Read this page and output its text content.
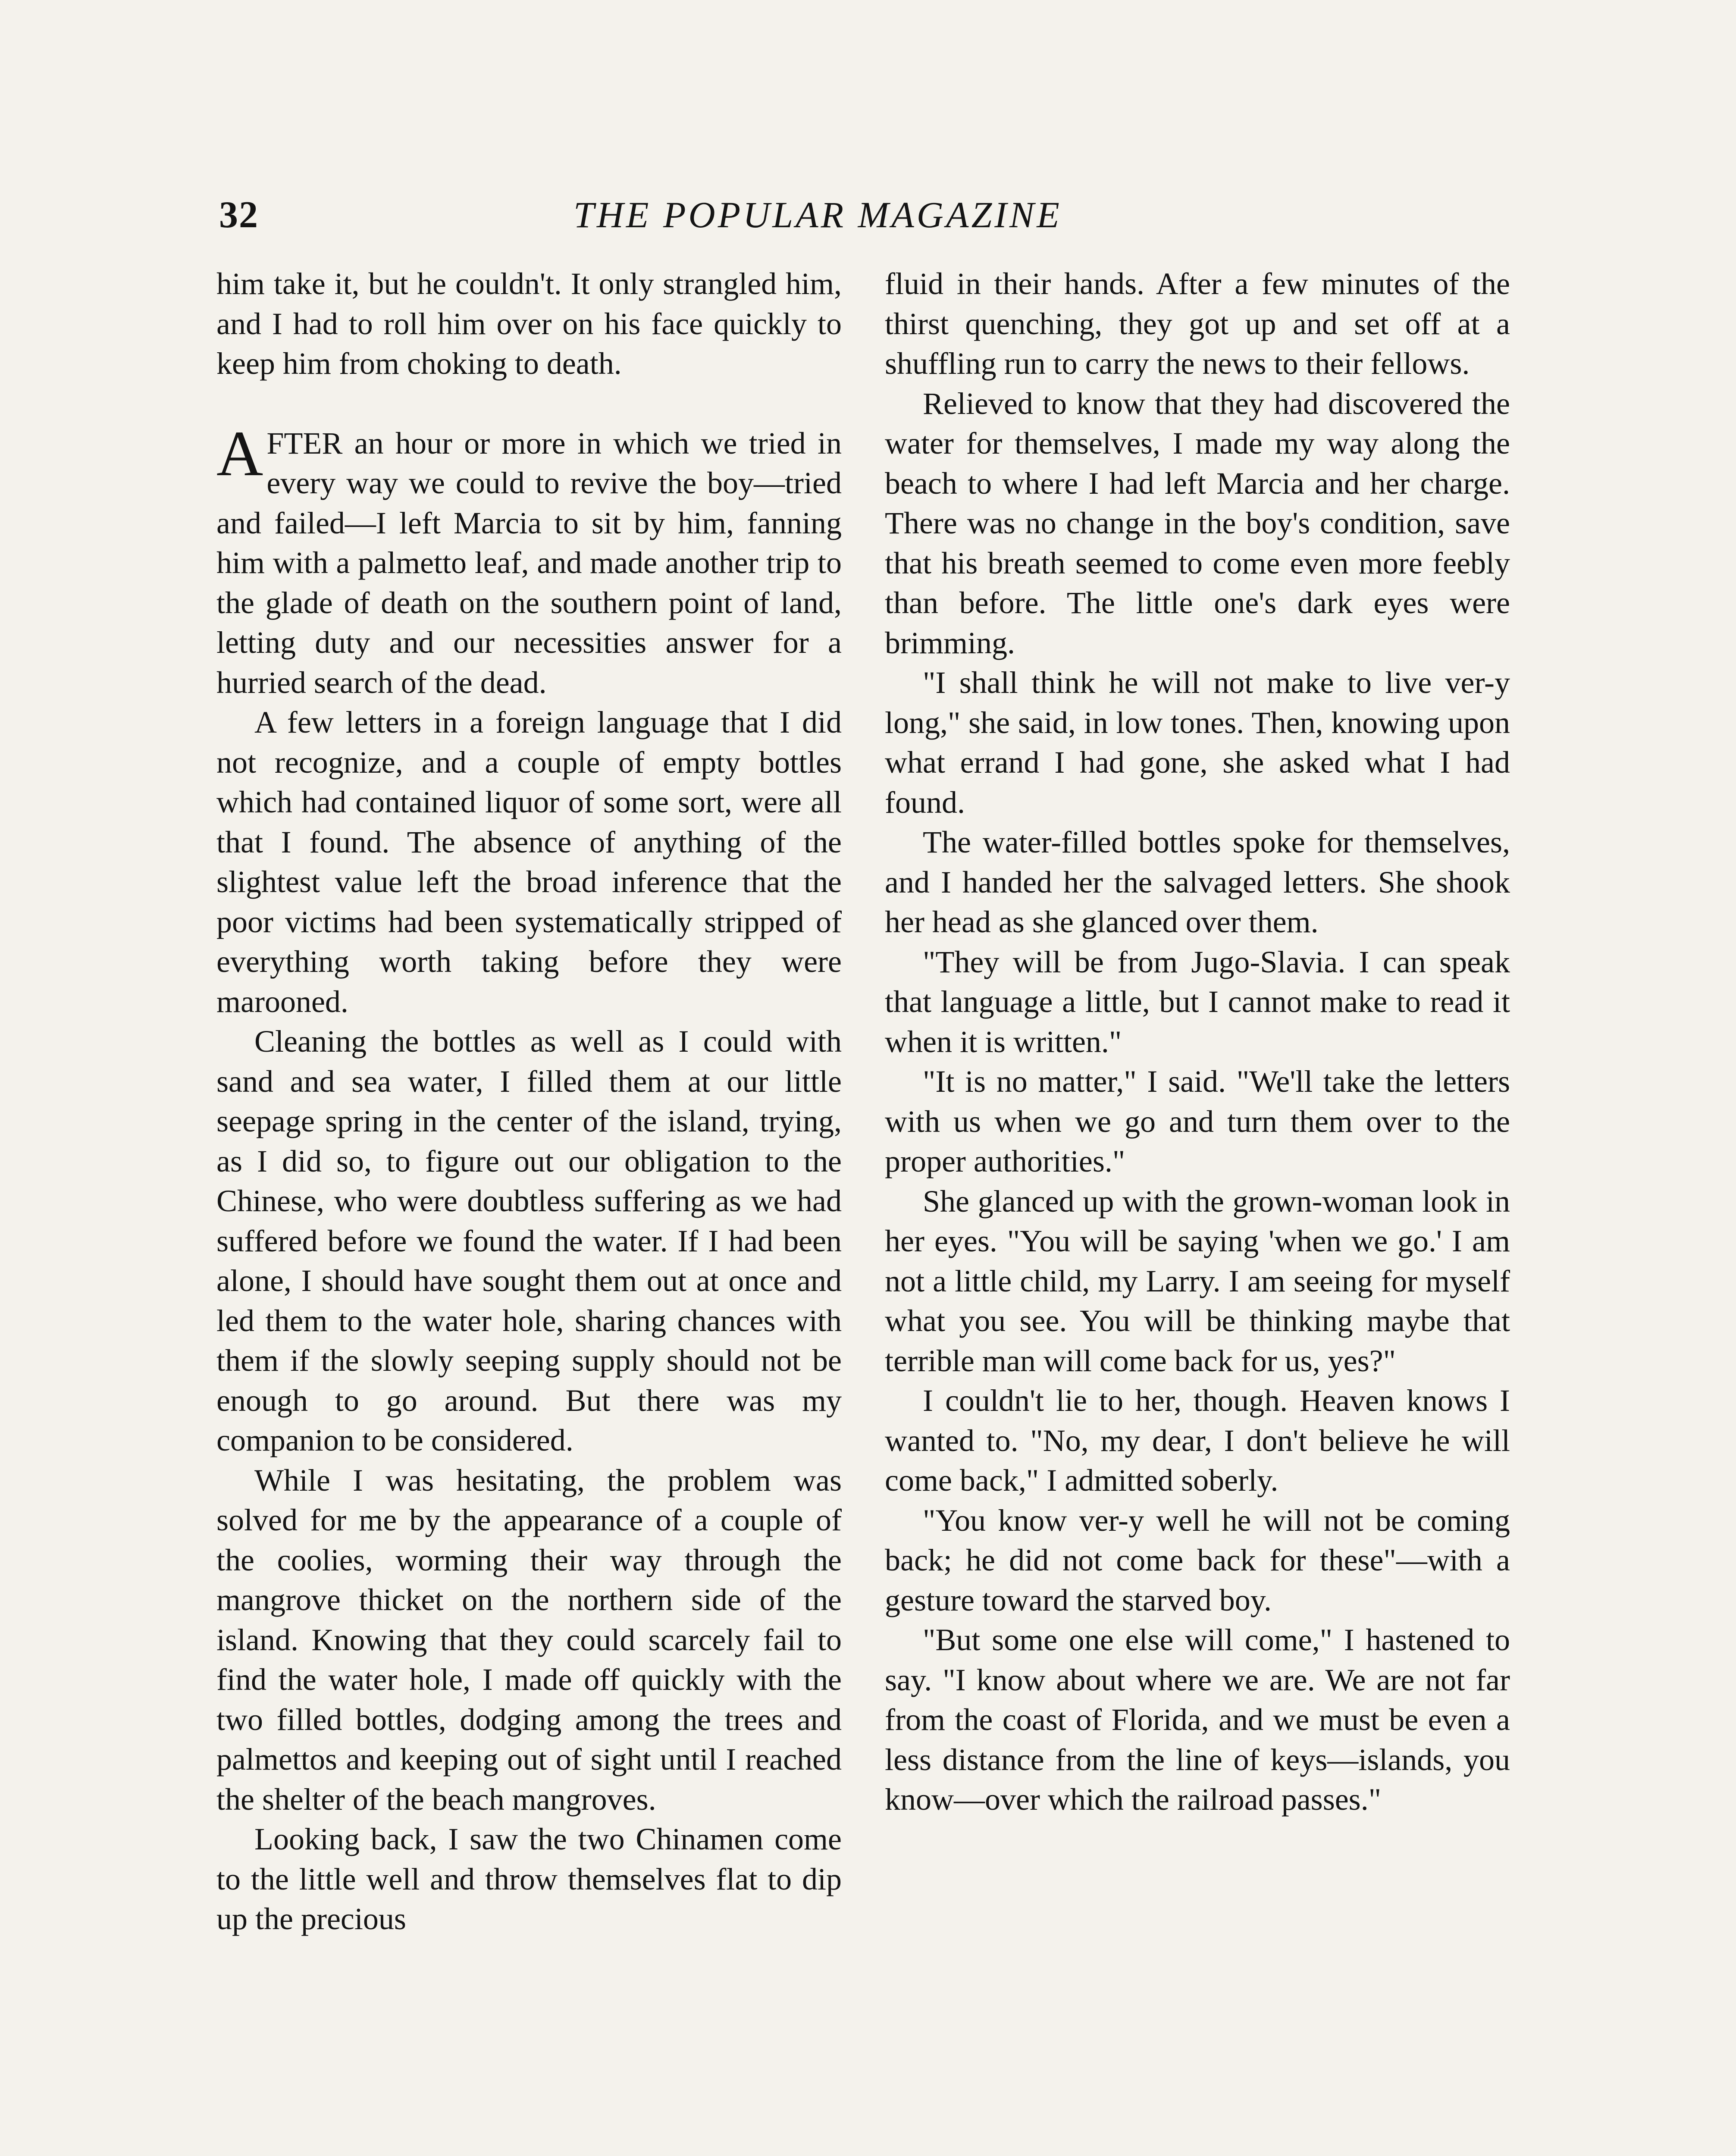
32	THE POPULAR MAGAZINE

him take it, but he couldn't. It only strangled him, and I had to roll him over on his face quickly to keep him from choking to death.

AFTER an hour or more in which we tried in every way we could to revive the boy—tried and failed—I left Marcia to sit by him, fanning him with a palmetto leaf, and made another trip to the glade of death on the southern point of land, letting duty and our necessities answer for a hurried search of the dead.

A few letters in a foreign language that I did not recognize, and a couple of empty bottles which had contained liquor of some sort, were all that I found. The absence of anything of the slightest value left the broad inference that the poor victims had been systematically stripped of everything worth taking before they were marooned.

Cleaning the bottles as well as I could with sand and sea water, I filled them at our little seepage spring in the center of the island, trying, as I did so, to figure out our obligation to the Chinese, who were doubtless suffering as we had suffered before we found the water. If I had been alone, I should have sought them out at once and led them to the water hole, sharing chances with them if the slowly seeping supply should not be enough to go around. But there was my companion to be considered.

While I was hesitating, the problem was solved for me by the appearance of a couple of the coolies, worming their way through the mangrove thicket on the northern side of the island. Knowing that they could scarcely fail to find the water hole, I made off quickly with the two filled bottles, dodging among the trees and palmettos and keeping out of sight until I reached the shelter of the beach mangroves.

Looking back, I saw the two Chinamen come to the little well and throw themselves flat to dip up the precious

fluid in their hands. After a few minutes of the thirst quenching, they got up and set off at a shuffling run to carry the news to their fellows.

Relieved to know that they had discovered the water for themselves, I made my way along the beach to where I had left Marcia and her charge. There was no change in the boy's condition, save that his breath seemed to come even more feebly than before. The little one's dark eyes were brimming.

"I shall think he will not make to live ver-y long," she said, in low tones. Then, knowing upon what errand I had gone, she asked what I had found.

The water-filled bottles spoke for themselves, and I handed her the salvaged letters. She shook her head as she glanced over them.

"They will be from Jugo-Slavia. I can speak that language a little, but I cannot make to read it when it is written."

"It is no matter," I said. "We'll take the letters with us when we go and turn them over to the proper authorities."

She glanced up with the grown-woman look in her eyes. "You will be saying 'when we go.' I am not a little child, my Larry. I am seeing for myself what you see. You will be thinking maybe that terrible man will come back for us, yes?"

I couldn't lie to her, though. Heaven knows I wanted to. "No, my dear, I don't believe he will come back," I admitted soberly.

"You know ver-y well he will not be coming back; he did not come back for these"—with a gesture toward the starved boy.

"But some one else will come," I hastened to say. "I know about where we are. We are not far from the coast of Florida, and we must be even a less distance from the line of keys—islands, you know—over which the railroad passes."
